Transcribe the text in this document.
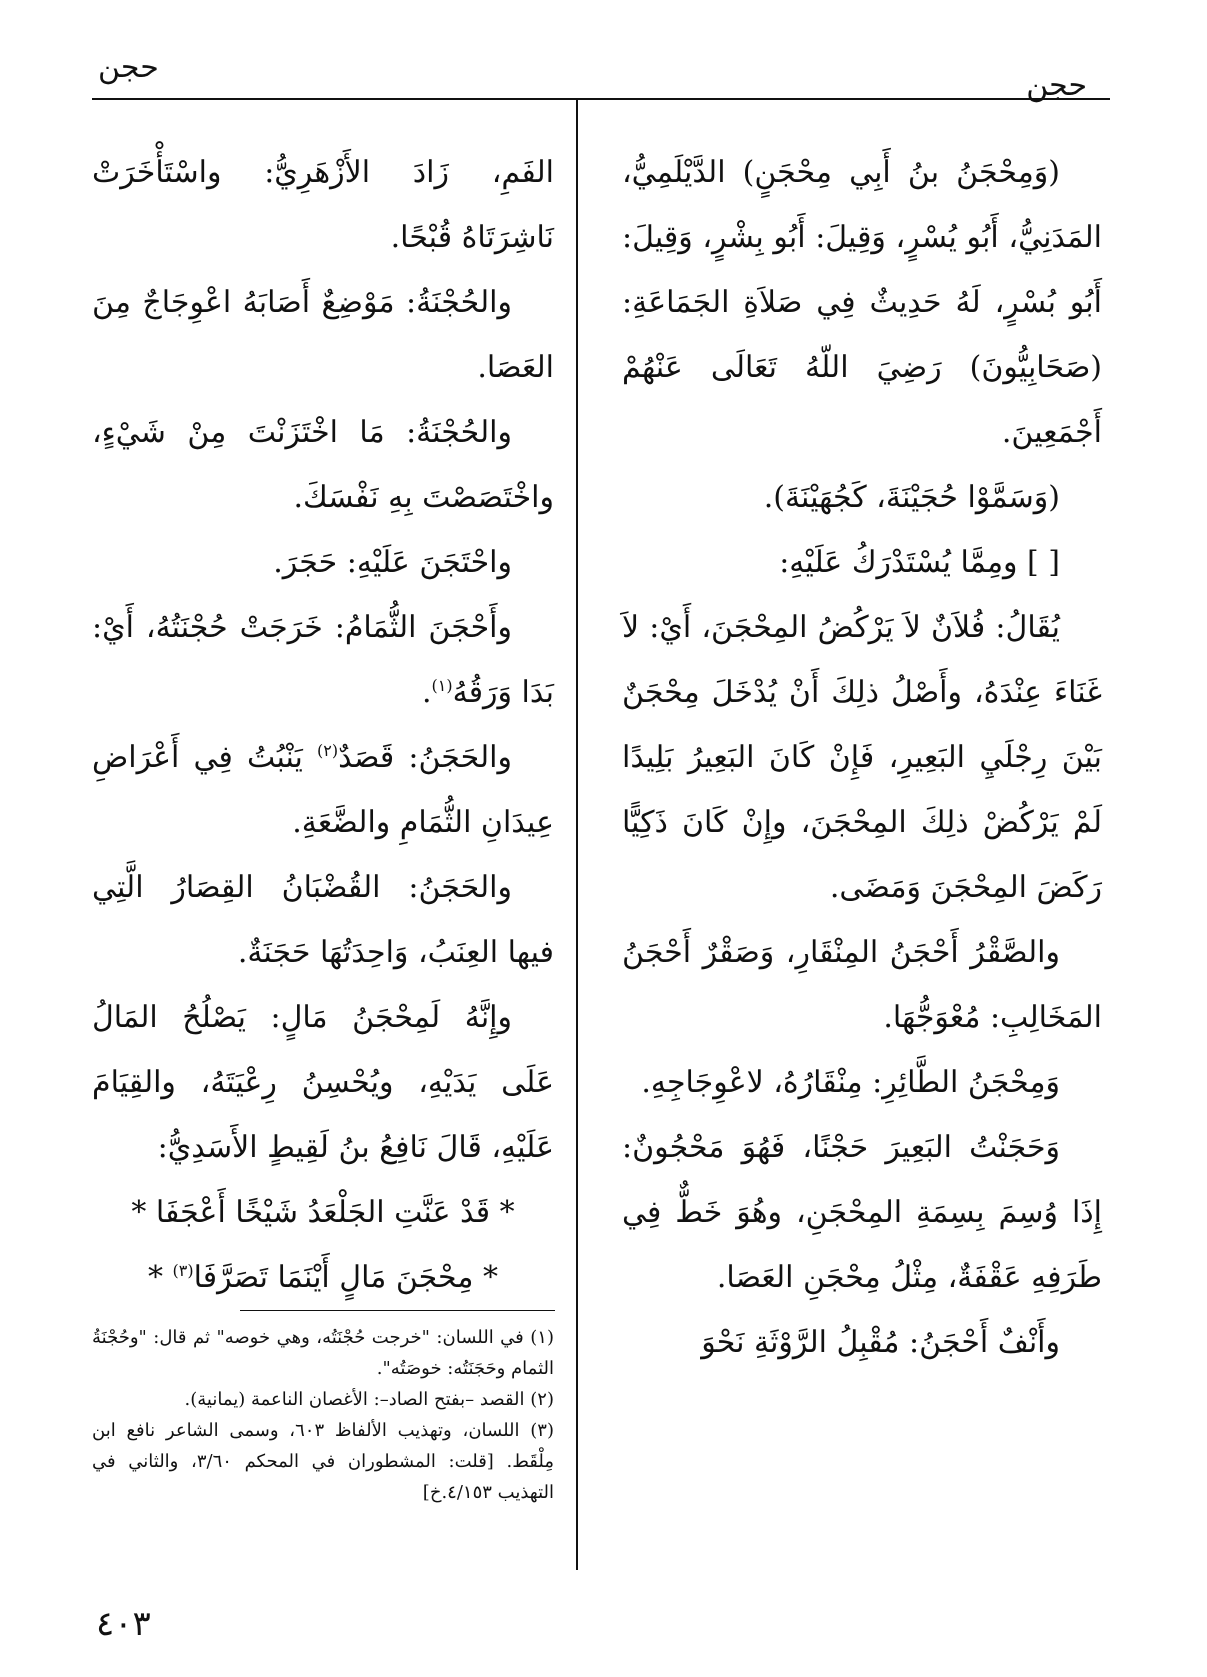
حجن
حجن

(وَمِحْجَنُ بنُ أَبِي مِحْجَنٍ) الدَّيْلَمِيُّ، المَدَنِيُّ، أَبُو يُسْرٍ، وَقِيلَ: أَبُو بِشْرٍ، وَقِيلَ: أَبُو بُسْرٍ، لَهُ حَدِيثٌ فِي صَلاَةِ الجَمَاعَةِ: (صَحَابِيُّونَ) رَضِيَ اللّهُ تَعَالَى عَنْهُمْ أَجْمَعِينَ.

(وَسَمَّوْا حُجَيْنَةَ، كَجُهَيْنَةَ).

[ ] ومِمَّا يُسْتَدْرَكُ عَلَيْهِ:

يُقَالُ: فُلاَنٌ لاَ يَرْكُضُ المِحْجَنَ، أَيْ: لاَ غَنَاءَ عِنْدَهُ، وأَصْلُ ذلِكَ أَنْ يُدْخَلَ مِحْجَنٌ بَيْنَ رِجْلَيِ البَعِيرِ، فَإِنْ كَانَ البَعِيرُ بَلِيدًا لَمْ يَرْكُضْ ذلِكَ المِحْجَنَ، وإِنْ كَانَ ذَكِيًّا رَكَضَ المِحْجَنَ وَمَضَى.

والصَّقْرُ أَحْجَنُ المِنْقَارِ، وَصَقْرٌ أَحْجَنُ المَخَالِبِ: مُعْوَجُّهَا.

وَمِحْجَنُ الطَّائِرِ: مِنْقَارُهُ، لاعْوِجَاجِهِ.

وَحَجَنْتُ البَعِيرَ حَجْنًا، فَهُوَ مَحْجُونٌ: إِذَا وُسِمَ بِسِمَةِ المِحْجَنِ، وهُوَ خَطٌّ فِي طَرَفِهِ عَقْفَةٌ، مِثْلُ مِحْجَنِ العَصَا.

وأَنْفٌ أَحْجَنُ: مُقْبِلُ الرَّوْثَةِ نَحْوَ

الفَمِ، زَادَ الأَزْهَرِيُّ: واسْتَأْخَرَتْ نَاشِرَتَاهُ قُبْحًا.

والحُجْنَةُ: مَوْضِعٌ أَصَابَهُ اعْوِجَاجٌ مِنَ العَصَا.

والحُجْنَةُ: مَا اخْتَزَنْتَ مِنْ شَيْءٍ، واخْتَصَصْتَ بِهِ نَفْسَكَ.

واحْتَجَنَ عَلَيْهِ: حَجَرَ.

وأَحْجَنَ الثُّمَامُ: خَرَجَتْ حُجْنَتُهُ، أَيْ: بَدَا وَرَقُهُ$^{(١)}$.

والحَجَنُ: قَصَدٌ$^{(٢)}$ يَنْبُتُ فِي أَعْرَاضِ عِيدَانِ الثُّمَامِ والضَّعَةِ.

والحَجَنُ: القُضْبَانُ القِصَارُ الَّتِي فيها العِنَبُ، وَاحِدَتُهَا حَجَنَةٌ.

وإِنَّهُ لَمِحْجَنُ مَالٍ: يَصْلُحُ المَالُ عَلَى يَدَيْهِ، ويُحْسِنُ رِعْيَتَهُ، والقِيَامَ عَلَيْهِ، قَالَ نَافِعُ بنُ لَقِيطٍ الأَسَدِيُّ:

* قَدْ عَنَّتِ الجَلْعَدُ شَيْخًا أَعْجَفَا *

* مِحْجَنَ مَالٍ أَيْنَمَا تَصَرَّفَا$^{(٣)}$ *

(١) في اللسان: "خرجت حُجْنَتُه، وهي خوصه" ثم قال: "وحُجْنَةُ الثمام وحَجَنَتُه: خوصَتُه".

(٢) القصد –بفتح الصاد–: الأغصان الناعمة (يمانية).

(٣) اللسان، وتهذيب الألفاظ ٦٠٣، وسمى الشاعر نافع ابن مِلْقَط. [قلت: المشطوران في المحكم ٣/٦٠، والثاني في التهذيب ٤/١٥٣.خ]

٤٠٣
